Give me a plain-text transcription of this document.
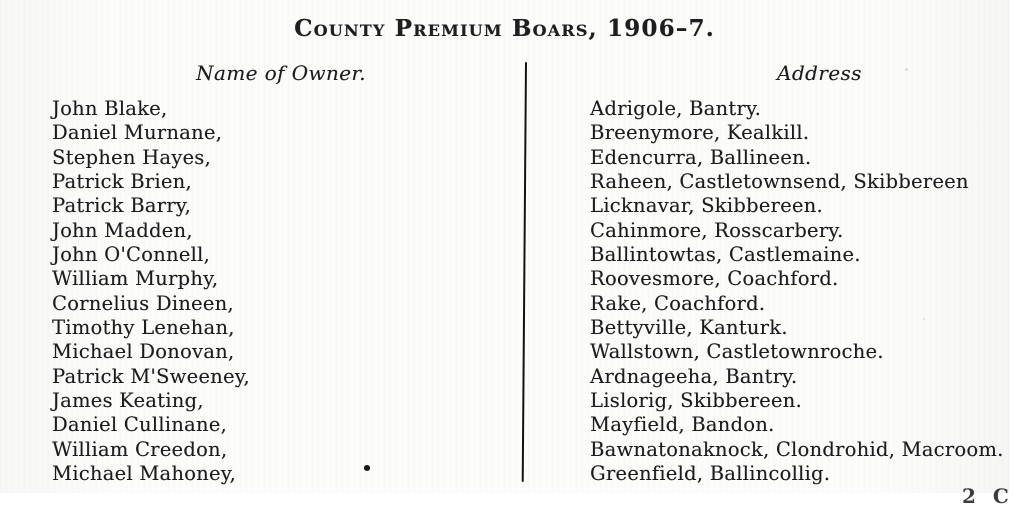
County Premium Boars, 1906–7.
Name of Owner.	Address
John Blake,	Adrigole, Bantry.
Daniel Murnane,	Breenymore, Kealkill.
Stephen Hayes,	Edencurra, Ballineen.
Patrick Brien,	Raheen, Castletownsend, Skibbereen
Patrick Barry,	Licknavar, Skibbereen.
John Madden,	Cahinmore, Rosscarbery.
John O'Connell,	Ballintowtas, Castlemaine.
William Murphy,	Roovesmore, Coachford.
Cornelius Dineen,	Rake, Coachford.
Timothy Lenehan,	Bettyville, Kanturk.
Michael Donovan,	Wallstown, Castletownroche.
Patrick M'Sweeney,	Ardnageeha, Bantry.
James Keating,	Lislorig, Skibbereen.
Daniel Cullinane,	Mayfield, Bandon.
William Creedon,	Bawnatonaknock, Clondrohid, Macroom.
Michael Mahoney,	Greenfield, Ballincollig.
2 C
